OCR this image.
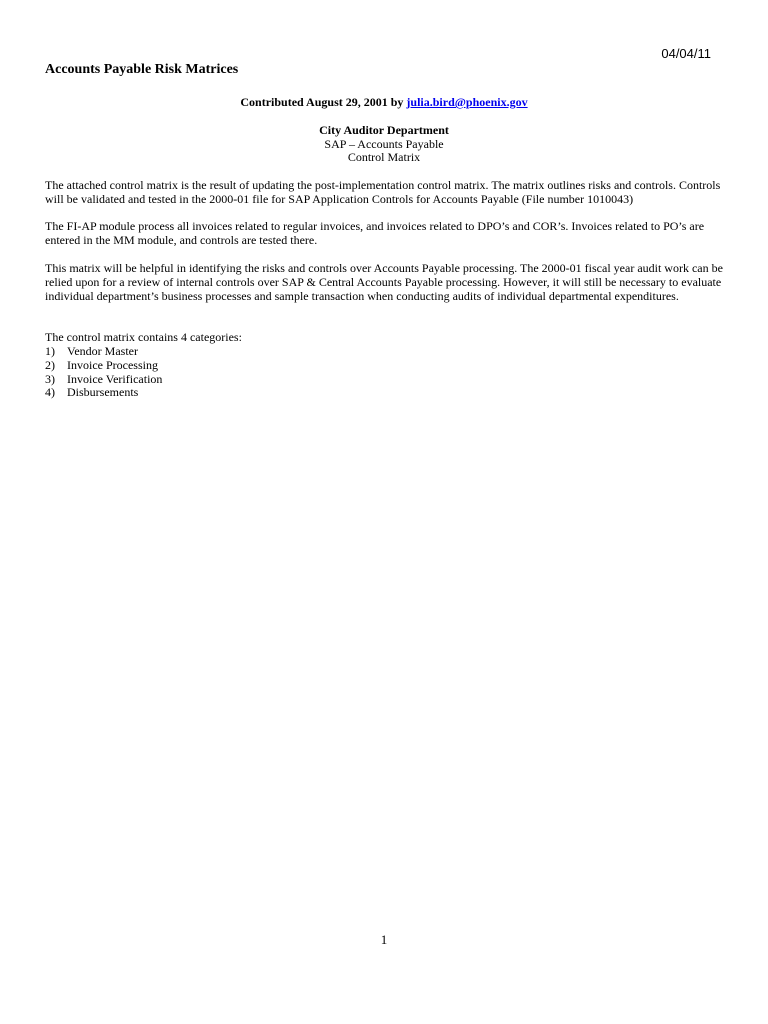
04/04/11
Accounts Payable Risk Matrices
Contributed August 29, 2001 by julia.bird@phoenix.gov
City Auditor Department
SAP – Accounts Payable
Control Matrix

The attached control matrix is the result of updating the post-implementation control matrix. The matrix outlines risks and controls. Controls will be validated and tested in the 2000-01 file for SAP Application Controls for Accounts Payable (File number 1010043)

The FI-AP module process all invoices related to regular invoices, and invoices related to DPO’s and COR’s. Invoices related to PO’s are entered in the MM module, and controls are tested there.

This matrix will be helpful in identifying the risks and controls over Accounts Payable processing. The 2000-01 fiscal year audit work can be relied upon for a review of internal controls over SAP & Central Accounts Payable processing. However, it will still be necessary to evaluate individual department’s business processes and sample transaction when conducting audits of individual departmental expenditures.

The control matrix contains 4 categories:

1)	Vendor Master
2)	Invoice Processing
3)	Invoice Verification
4)	Disbursements
1
